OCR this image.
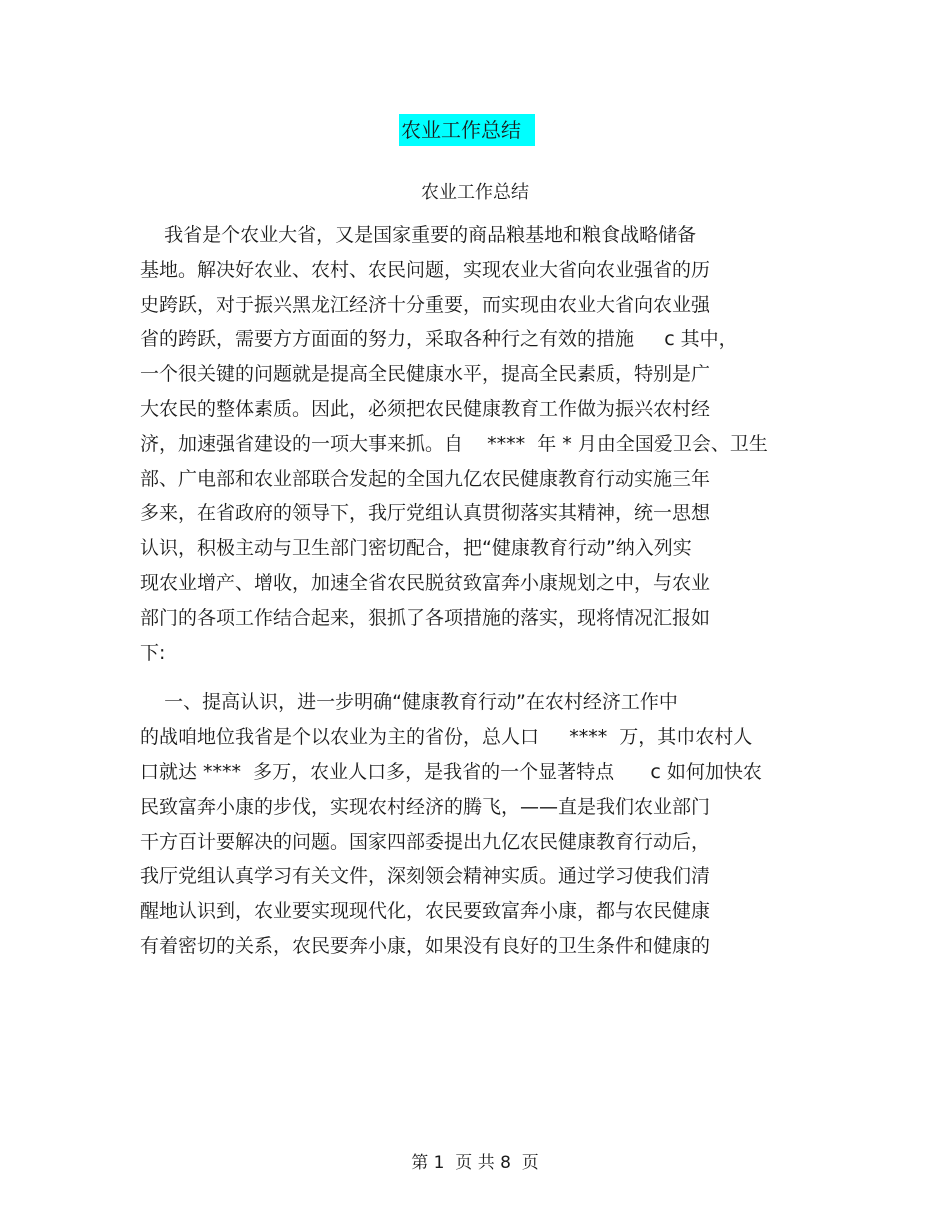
农业工作总结
农业工作总结
我省是个农业大省，又是国家重要的商品粮基地和粮食战略储备
基地。解决好农业、农村、农民问题，实现农业大省向农业强省的历
史跨跃，对于振兴黑龙江经济十分重要，而实现由农业大省向农业强
省的跨跃，需要方方面面的努力，采取各种行之有效的措施     c 其中，
一个很关键的问题就是提高全民健康水平，提高全民素质，特别是广
大农民的整体素质。因此，必须把农民健康教育工作做为振兴农村经
济，加速强省建设的一项大事来抓。自    ****  年 * 月由全国爱卫会、卫生
部、广电部和农业部联合发起的全国九亿农民健康教育行动实施三年
多来，在省政府的领导下，我厅党组认真贯彻落实其精神，统一思想
认识，积极主动与卫生部门密切配合，把“健康教育行动”纳入列实
现农业增产、增收，加速全省农民脱贫致富奔小康规划之中，与农业
部门的各项工作结合起来，狠抓了各项措施的落实，现将情况汇报如
下:
一、提高认识，进一步明确“健康教育行动”在农村经济工作中
的战咱地位我省是个以农业为主的省份，总人口     ****  万，其巾农村人
口就达 ****  多万，农业人口多，是我省的一个显著特点      c 如何加快农
民致富奔小康的步伐，实现农村经济的腾飞，——直是我们农业部门
干方百计要解决的问题。国家四部委提出九亿农民健康教育行动后，
我厅党组认真学习有关文件，深刻领会精神实质。通过学习使我们清
醒地认识到，农业要实现现代化，农民要致富奔小康，都与农民健康
有着密切的关系，农民要奔小康，如果没有良好的卫生条件和健康的
第 1  页 共 8  页
